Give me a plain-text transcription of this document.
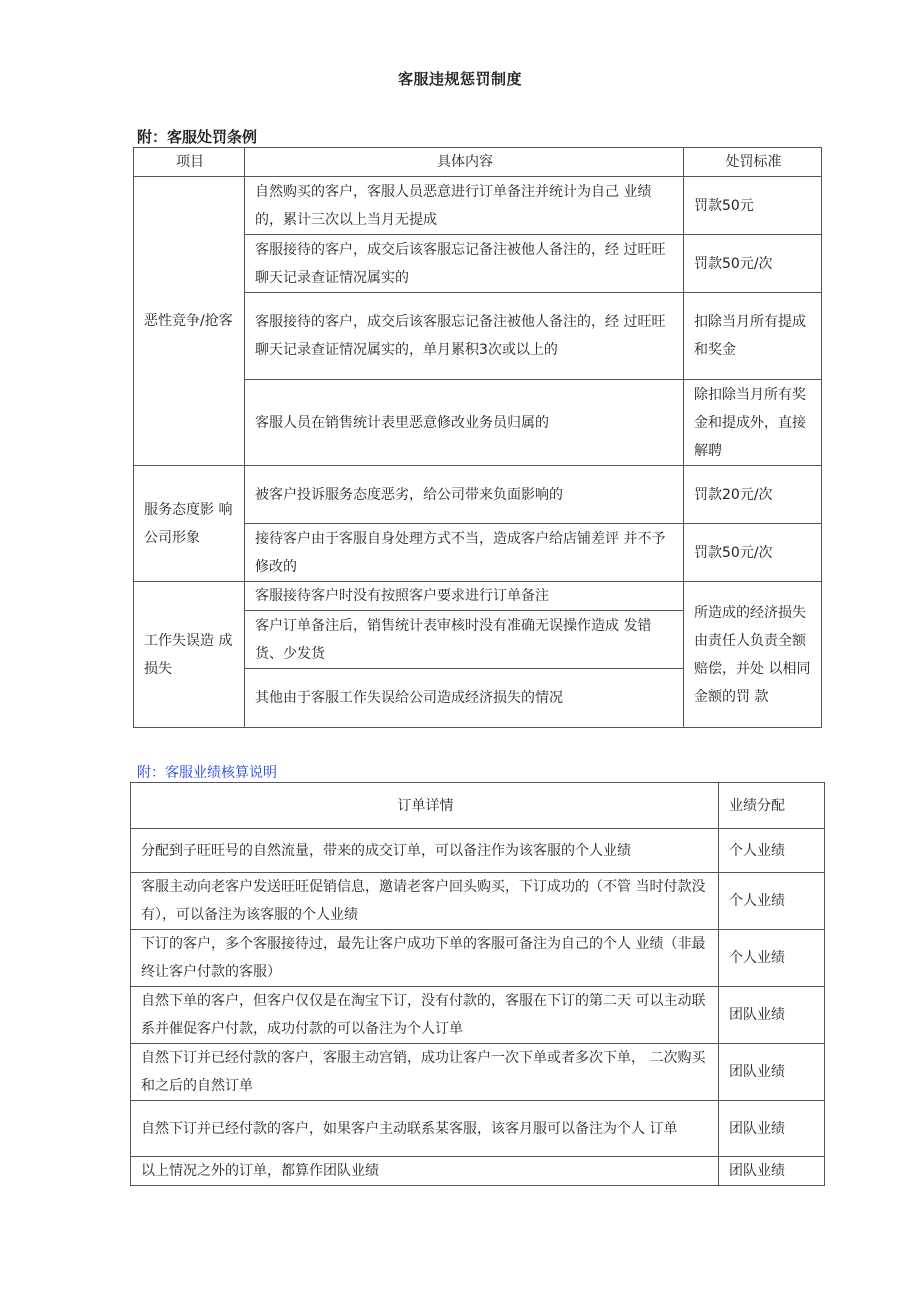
客服违规惩罚制度
附：客服处罚条例
项目	具体内容	处罚标准
恶性竞争/抢客	自然购买的客户，客服人员恶意进行订单备注并统计为自己 业绩的，累计三次以上当月无提成	罚款50元
	客服接待的客户，成交后该客服忘记备注被他人备注的，经 过旺旺聊天记录查证情况属实的	罚款50元/次
	客服接待的客户，成交后该客服忘记备注被他人备注的，经 过旺旺聊天记录查证情况属实的，单月累积3次或以上的	扣除当月所有提成和奖金
	客服人员在销售统计表里恶意修改业务员归属的	除扣除当月所有奖金和提成外，直接解聘
服务态度影 响公司形象	被客户投诉服务态度恶劣，给公司带来负面影响的	罚款20元/次
	接待客户由于客服自身处理方式不当，造成客户给店铺差评 并不予修改的	罚款50元/次
工作失误造 成损失	客服接待客户时没有按照客户要求进行订单备注	所造成的经济损失由责任人负责全额赔偿，并处 以相同金额的罚 款
	客户订单备注后，销售统计表审核时没有准确无误操作造成 发错货、少发货	
	其他由于客服工作失误给公司造成经济损失的情况	
附：客服业绩核算说明
订单详情	业绩分配
分配到子旺旺号的自然流量，带来的成交订单，可以备注作为该客服的个人业绩	个人业绩
客服主动向老客户发送旺旺促销信息，邀请老客户回头购买，下订成功的（不管 当时付款没有），可以备注为该客服的个人业绩	个人业绩
下订的客户，多个客服接待过，最先让客户成功下单的客服可备注为自己的个人 业绩（非最终让客户付款的客服）	个人业绩
自然下单的客户，但客户仅仅是在淘宝下订，没有付款的，客服在下订的第二天 可以主动联系并催促客户付款，成功付款的可以备注为个人订单	团队业绩
自然下订并已经付款的客户，客服主动宫销，成功让客户一次下单或者多次下单， 二次购买和之后的自然订单	团队业绩
自然下订并已经付款的客户，如果客户主动联系某客服，该客月服可以备注为个人 订单	团队业绩
以上情况之外的订单，都算作团队业绩	团队业绩
